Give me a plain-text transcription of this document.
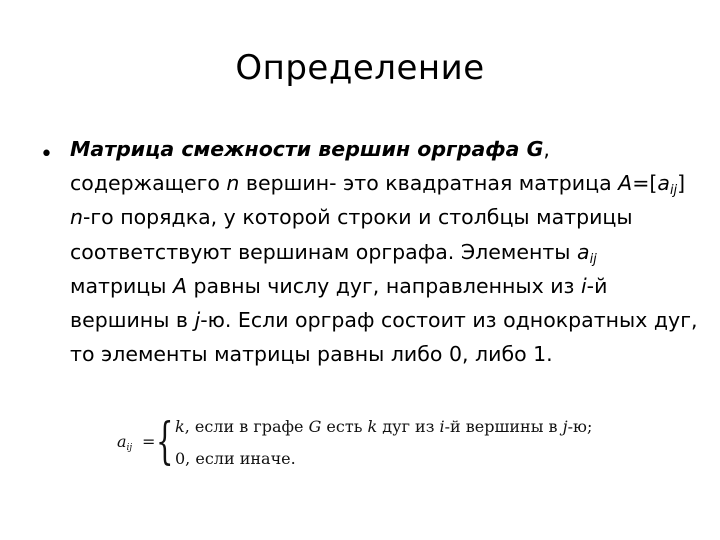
Определение
• Матрица смежности вершин орграфа G, содержащего n вершин- это квадратная матрица $A=[a_{ij}]$ n-го порядка, у которой строки и столбцы матрицы соответствуют вершинам орграфа. Элементы $a_{ij}$ матрицы A равны числу дуг, направленных из i-й вершины в j-ю. Если орграф состоит из однократных дуг, то элементы матрицы равны либо 0, либо 1.
$a_{ij}$ = { k, если в графе G есть k дуг из i-й вершины в j-ю;
0, если иначе.
